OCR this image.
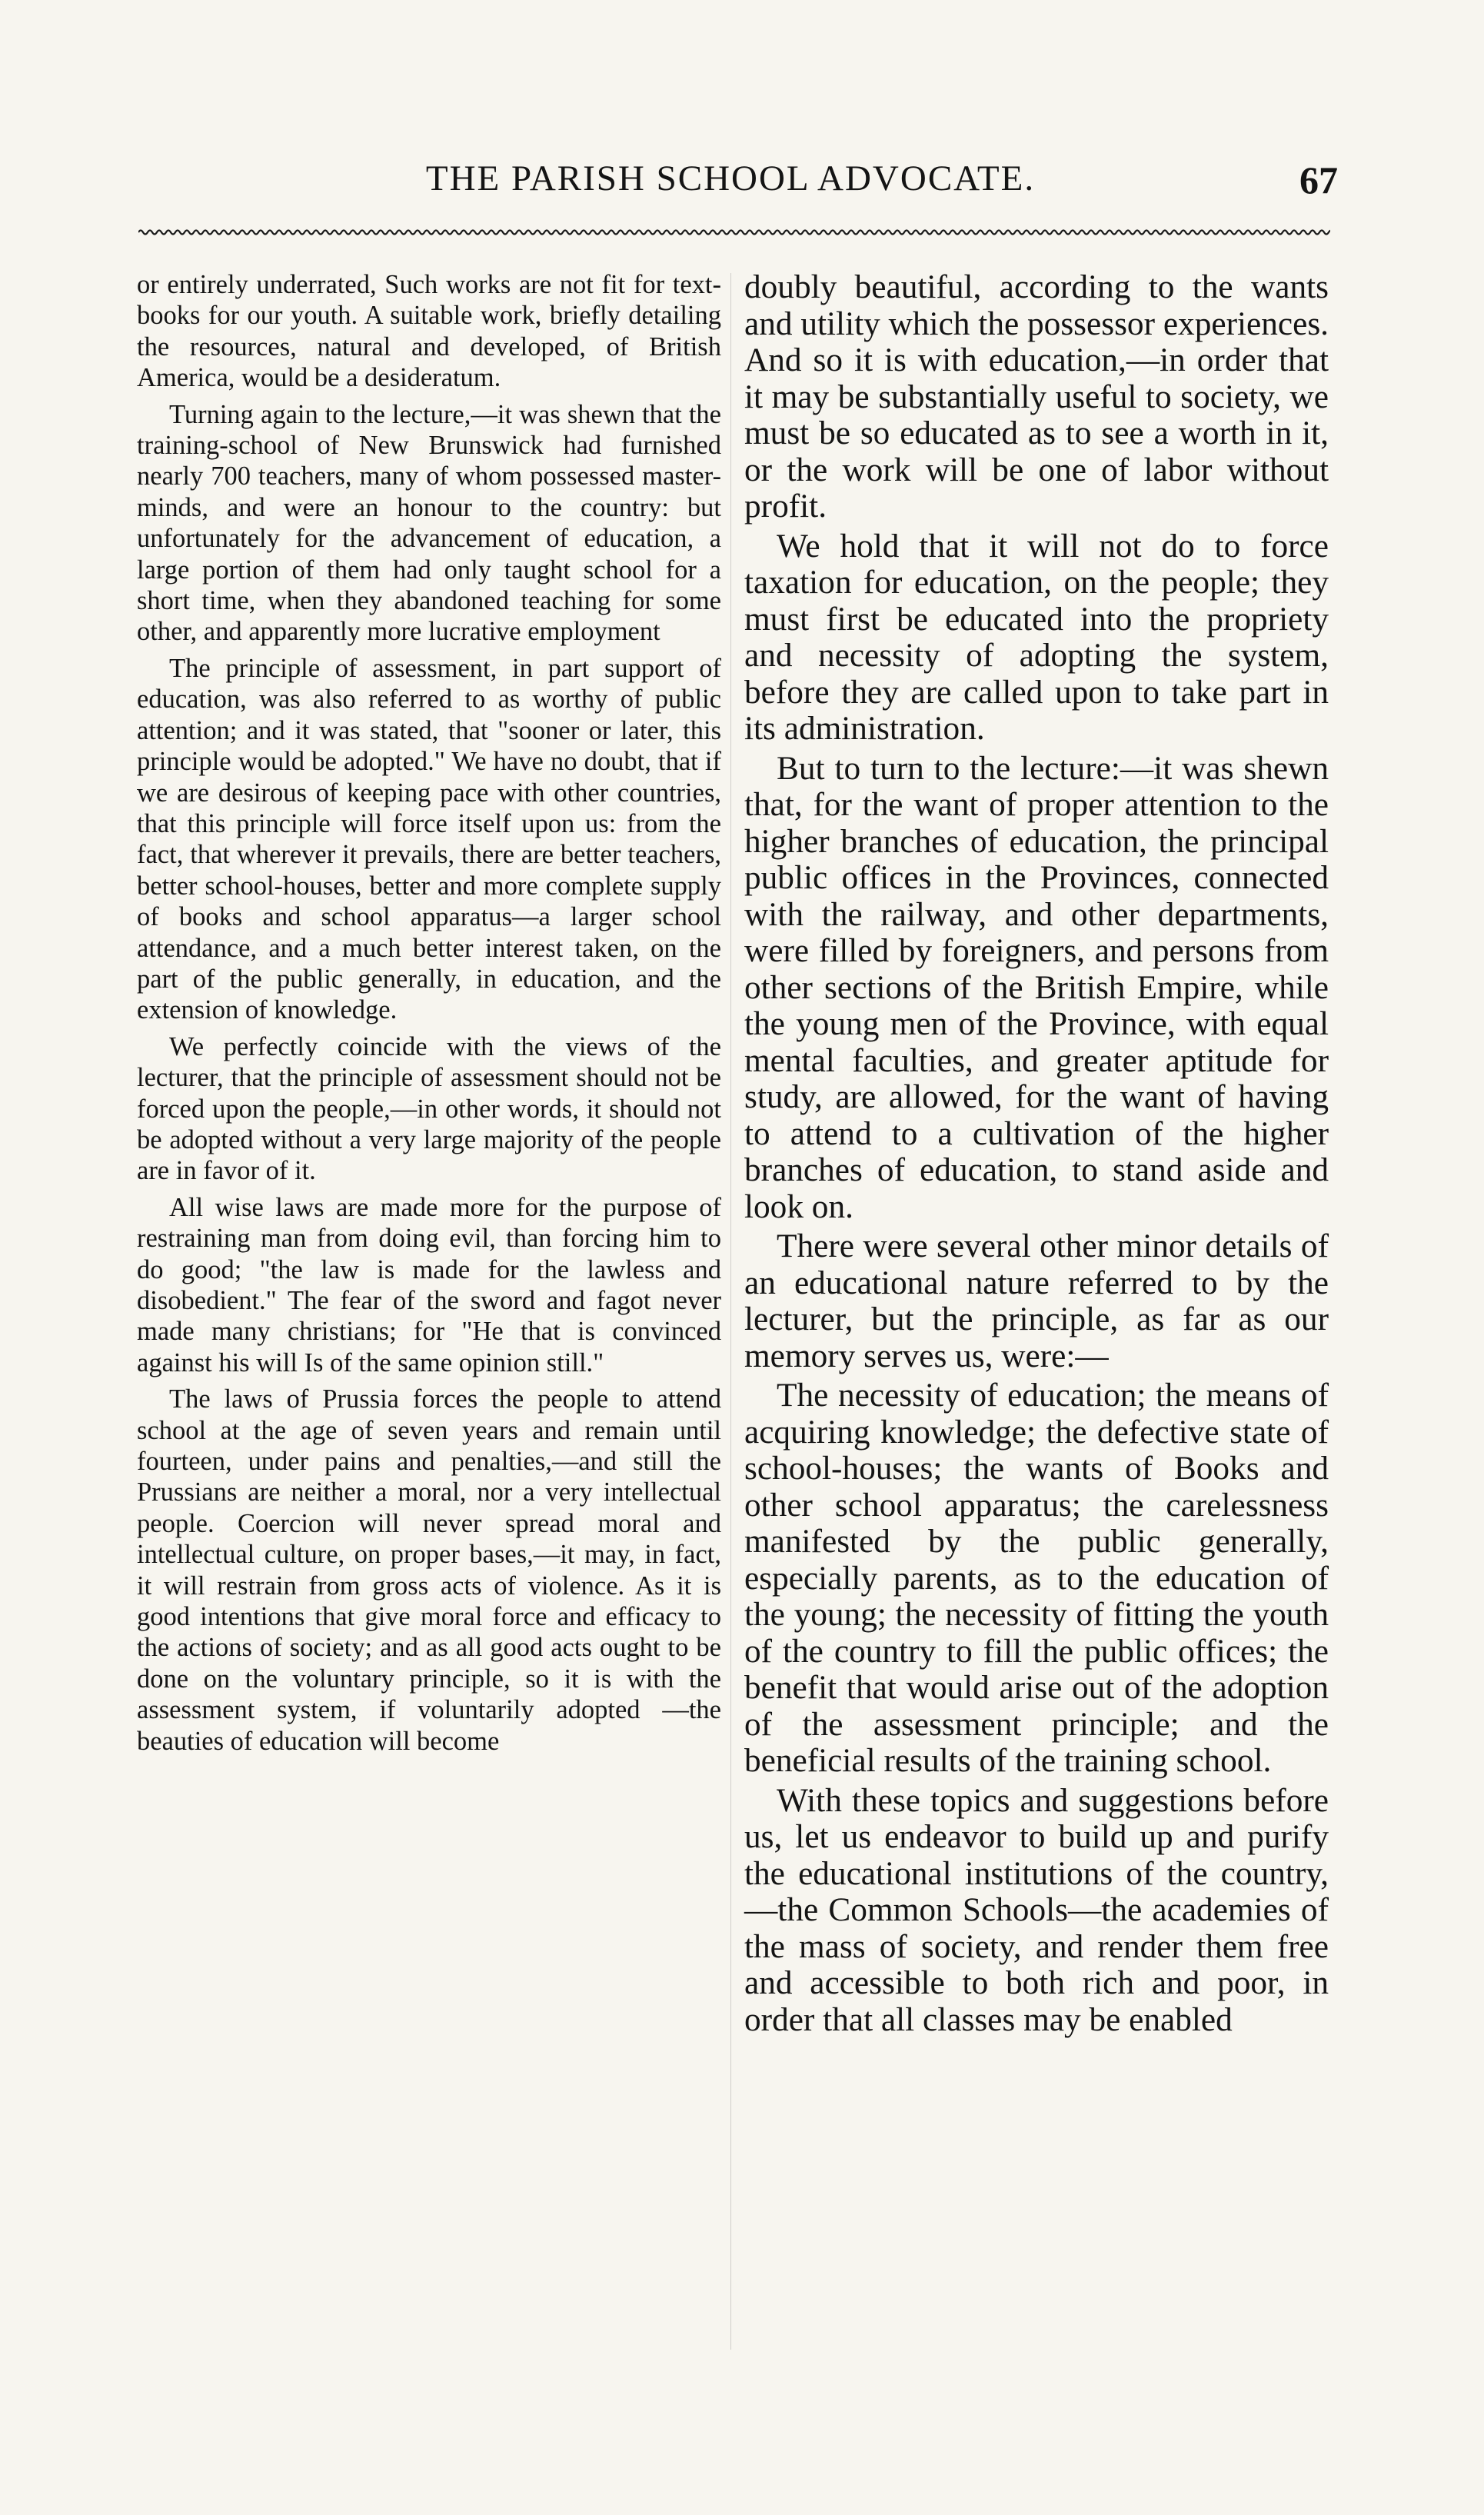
THE PARISH SCHOOL ADVOCATE.	67

or entirely underrated, Such works are not fit for text-books for our youth. A suitable work, briefly detailing the resources, natural and developed, of British America, would be a desideratum.

Turning again to the lecture,—it was shewn that the training-school of New Brunswick had furnished nearly 700 teachers, many of whom possessed master-minds, and were an honour to the country: but unfortunately for the advancement of education, a large portion of them had only taught school for a short time, when they abandoned teaching for some other, and apparently more lucrative employment

The principle of assessment, in part support of education, was also referred to as worthy of public attention; and it was stated, that "sooner or later, this principle would be adopted." We have no doubt, that if we are desirous of keeping pace with other countries, that this principle will force itself upon us: from the fact, that wherever it prevails, there are better teachers, better school-houses, better and more complete supply of books and school apparatus—a larger school attendance, and a much better interest taken, on the part of the public generally, in education, and the extension of knowledge.

We perfectly coincide with the views of the lecturer, that the principle of assessment should not be forced upon the people,—in other words, it should not be adopted without a very large majority of the people are in favor of it.

All wise laws are made more for the purpose of restraining man from doing evil, than forcing him to do good; "the law is made for the lawless and disobedient." The fear of the sword and fagot never made many christians; for "He that is convinced against his will Is of the same opinion still."

The laws of Prussia forces the people to attend school at the age of seven years and remain until fourteen, under pains and penalties,—and still the Prussians are neither a moral, nor a very intellectual people. Coercion will never spread moral and intellectual culture, on proper bases,—it may, in fact, it will restrain from gross acts of violence. As it is good intentions that give moral force and efficacy to the actions of society; and as all good acts ought to be done on the voluntary principle, so it is with the assessment system, if voluntarily adopted —the beauties of education will become

doubly beautiful, according to the wants and utility which the possessor experiences. And so it is with education,—in order that it may be substantially useful to society, we must be so educated as to see a worth in it, or the work will be one of labor without profit.

We hold that it will not do to force taxation for education, on the people; they must first be educated into the propriety and necessity of adopting the system, before they are called upon to take part in its administration.

But to turn to the lecture:—it was shewn that, for the want of proper attention to the higher branches of education, the principal public offices in the Provinces, connected with the railway, and other departments, were filled by foreigners, and persons from other sections of the British Empire, while the young men of the Province, with equal mental faculties, and greater aptitude for study, are allowed, for the want of having to attend to a cultivation of the higher branches of education, to stand aside and look on.

There were several other minor details of an educational nature referred to by the lecturer, but the principle, as far as our memory serves us, were:—

The necessity of education; the means of acquiring knowledge; the defective state of school-houses; the wants of Books and other school apparatus; the carelessness manifested by the public generally, especially parents, as to the education of the young; the necessity of fitting the youth of the country to fill the public offices; the benefit that would arise out of the adoption of the assessment principle; and the beneficial results of the training school.

With these topics and suggestions before us, let us endeavor to build up and purify the educational institutions of the country,—the Common Schools—the academies of the mass of society, and render them free and accessible to both rich and poor, in order that all classes may be enabled
